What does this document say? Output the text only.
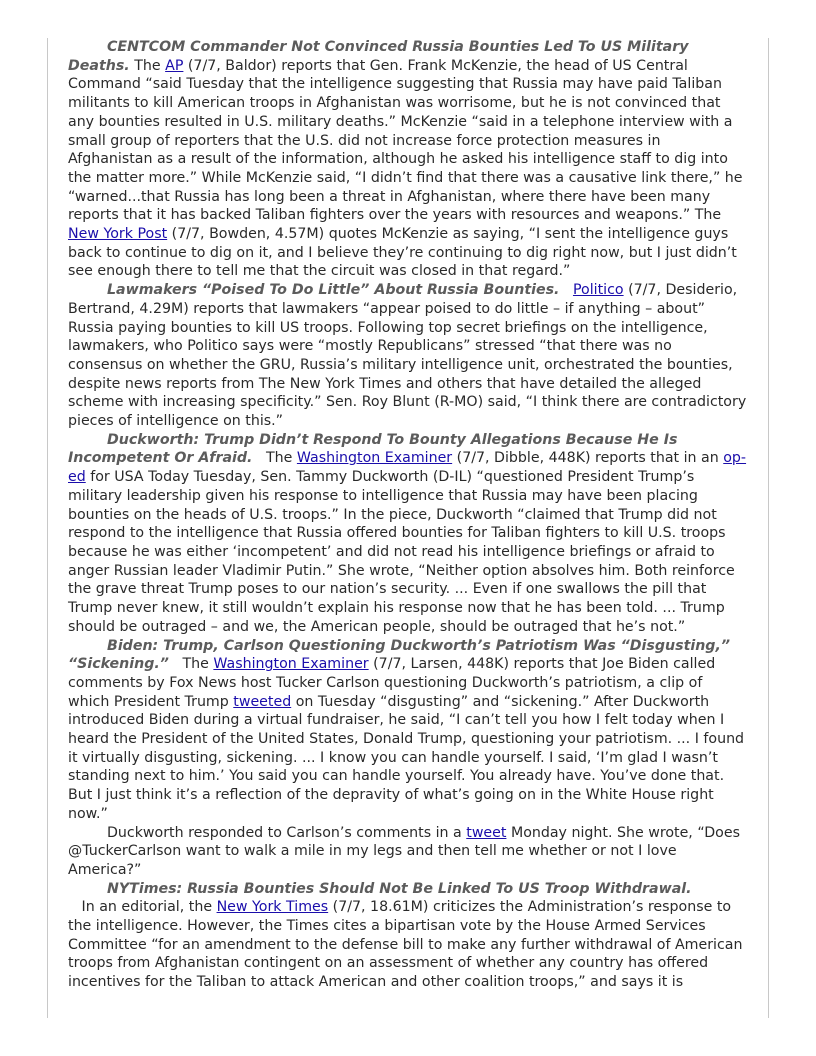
CENTCOM Commander Not Convinced Russia Bounties Led To US Military Deaths. The AP (7/7, Baldor) reports that Gen. Frank McKenzie, the head of US Central Command “said Tuesday that the intelligence suggesting that Russia may have paid Taliban militants to kill American troops in Afghanistan was worrisome, but he is not convinced that any bounties resulted in U.S. military deaths.” McKenzie “said in a telephone interview with a small group of reporters that the U.S. did not increase force protection measures in Afghanistan as a result of the information, although he asked his intelligence staff to dig into the matter more.” While McKenzie said, “I didn’t find that there was a causative link there,” he “warned...that Russia has long been a threat in Afghanistan, where there have been many reports that it has backed Taliban fighters over the years with resources and weapons.” The New York Post (7/7, Bowden, 4.57M) quotes McKenzie as saying, “I sent the intelligence guys back to continue to dig on it, and I believe they’re continuing to dig right now, but I just didn’t see enough there to tell me that the circuit was closed in that regard.”

Lawmakers “Poised To Do Little” About Russia Bounties. Politico (7/7, Desiderio, Bertrand, 4.29M) reports that lawmakers “appear poised to do little – if anything – about” Russia paying bounties to kill US troops. Following top secret briefings on the intelligence, lawmakers, who Politico says were “mostly Republicans” stressed “that there was no consensus on whether the GRU, Russia’s military intelligence unit, orchestrated the bounties, despite news reports from The New York Times and others that have detailed the alleged scheme with increasing specificity.” Sen. Roy Blunt (R-MO) said, “I think there are contradictory pieces of intelligence on this.”

Duckworth: Trump Didn’t Respond To Bounty Allegations Because He Is Incompetent Or Afraid.   The Washington Examiner (7/7, Dibble, 448K) reports that in an op-ed for USA Today Tuesday, Sen. Tammy Duckworth (D-IL) “questioned President Trump’s military leadership given his response to intelligence that Russia may have been placing bounties on the heads of U.S. troops.” In the piece, Duckworth “claimed that Trump did not respond to the intelligence that Russia offered bounties for Taliban fighters to kill U.S. troops because he was either ‘incompetent’ and did not read his intelligence briefings or afraid to anger Russian leader Vladimir Putin.” She wrote, “Neither option absolves him. Both reinforce the grave threat Trump poses to our nation’s security. ... Even if one swallows the pill that Trump never knew, it still wouldn’t explain his response now that he has been told. ... Trump should be outraged – and we, the American people, should be outraged that he’s not.”

Biden: Trump, Carlson Questioning Duckworth’s Patriotism Was “Disgusting,” “Sickening.”   The Washington Examiner (7/7, Larsen, 448K) reports that Joe Biden called comments by Fox News host Tucker Carlson questioning Duckworth’s patriotism, a clip of which President Trump tweeted on Tuesday “disgusting” and “sickening.” After Duckworth introduced Biden during a virtual fundraiser, he said, “I can’t tell you how I felt today when I heard the President of the United States, Donald Trump, questioning your patriotism. ... I found it virtually disgusting, sickening. ... I know you can handle yourself. I said, ‘I’m glad I wasn’t standing next to him.’ You said you can handle yourself. You already have. You’ve done that. But I just think it’s a reflection of the depravity of what’s going on in the White House right now.”

Duckworth responded to Carlson’s comments in a tweet Monday night. She wrote, “Does @TuckerCarlson want to walk a mile in my legs and then tell me whether or not I love America?”

NYTimes: Russia Bounties Should Not Be Linked To US Troop Withdrawal.   In an editorial, the New York Times (7/7, 18.61M) criticizes the Administration’s response to the intelligence. However, the Times cites a bipartisan vote by the House Armed Services Committee “for an amendment to the defense bill to make any further withdrawal of American troops from Afghanistan contingent on an assessment of whether any country has offered incentives for the Taliban to attack American and other coalition troops,” and says it is
